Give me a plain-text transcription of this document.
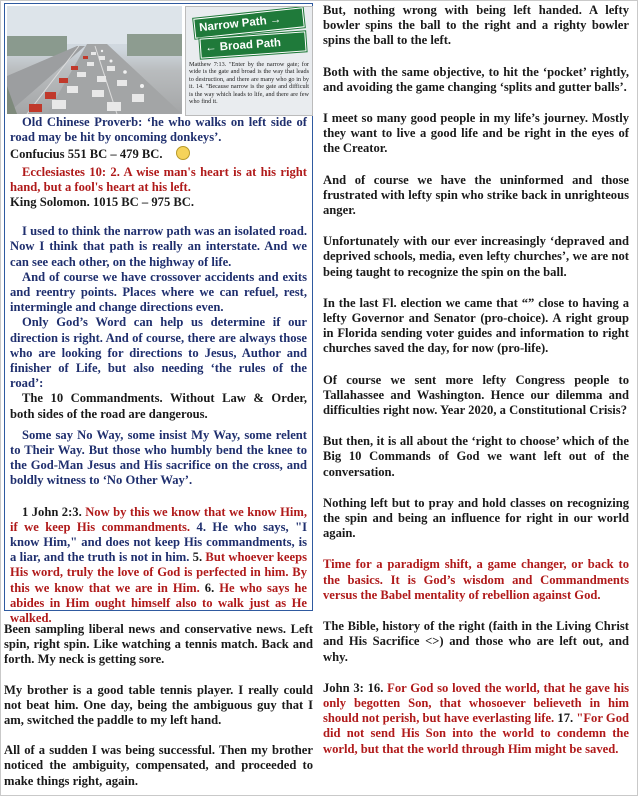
Narrow Path →
← Broad Path
Matthew 7:13. "Enter by the narrow gate; for wide is the gate and broad is the way that leads to destruction, and there are many who go in by it. 14. "Because narrow is the gate and difficult is the way which leads to life, and there are few who find it.

Old Chinese Proverb: ‘he who walks on left side of road may be hit by oncoming donkeys’.

Confucius 551 BC – 479 BC.

Ecclesiastes 10: 2. A wise man's heart is at his right hand, but a fool's heart at his left.

King Solomon. 1015 BC – 975 BC.

I used to think the narrow path was an isolated road. Now I think that path is really an interstate. And we can see each other, on the highway of life.

And of course we have crossover accidents and exits and reentry points. Places where we can refuel, rest, intermingle and change directions even.

Only God’s Word can help us determine if our direction is right. And of course, there are always those who are looking for directions to Jesus, Author and finisher of Life, but also needing ‘the rules of the road’:

The 10 Commandments. Without Law & Order, both sides of the road are dangerous.

Some say No Way, some insist My Way, some relent to Their Way. But those who humbly bend the knee to the God-Man Jesus and His sacrifice on the cross, and boldly witness to ‘No Other Way’.

1 John 2:3. Now by this we know that we know Him, if we keep His commandments. 4. He who says, "I know Him," and does not keep His commandments, is a liar, and the truth is not in him. 5. But whoever keeps His word, truly the love of God is perfected in him. By this we know that we are in Him. 6. He who says he abides in Him ought himself also to walk just as He walked.

Been sampling liberal news and conservative news. Left spin, right spin. Like watching a tennis match. Back and forth. My neck is getting sore.

My brother is a good table tennis player. I really could not beat him. One day, being the ambiguous guy that I am, switched the paddle to my left hand.

All of a sudden I was being successful. Then my brother noticed the ambiguity, compensated, and proceeded to make things right, again.

But, nothing wrong with being left handed. A lefty bowler spins the ball to the right and a righty bowler spins the ball to the left.

Both with the same objective, to hit the ‘pocket’ rightly, and avoiding the game changing ‘splits and gutter balls’.

I meet so many good people in my life’s journey. Mostly they want to live a good life and be right in the eyes of the Creator.

And of course we have the uninformed and those frustrated with lefty spin who strike back in unrighteous anger.

Unfortunately with our ever increasingly ‘depraved and deprived schools, media, even lefty churches’, we are not being taught to recognize the spin on the ball.

In the last Fl. election we came that “” close to having a lefty Governor and Senator (pro-choice). A right group in Florida sending voter guides and information to right churches saved the day, for now (pro-life).

Of course we sent more lefty Congress people to Tallahassee and Washington. Hence our dilemma and difficulties right now. Year 2020, a Constitutional Crisis?

But then, it is all about the ‘right to choose’ which of the Big 10 Commands of God we want left out of the conversation.

Nothing left but to pray and hold classes on recognizing the spin and being an influence for right in our world again.

Time for a paradigm shift, a game changer, or back to the basics. It is God’s wisdom and Commandments versus the Babel mentality of rebellion against God.

The Bible, history of the right (faith in the Living Christ and His Sacrifice <>) and those who are left out, and why.

John 3: 16. For God so loved the world, that he gave his only begotten Son, that whosoever believeth in him should not perish, but have everlasting life. 17. "For God did not send His Son into the world to condemn the world, but that the world through Him might be saved.
